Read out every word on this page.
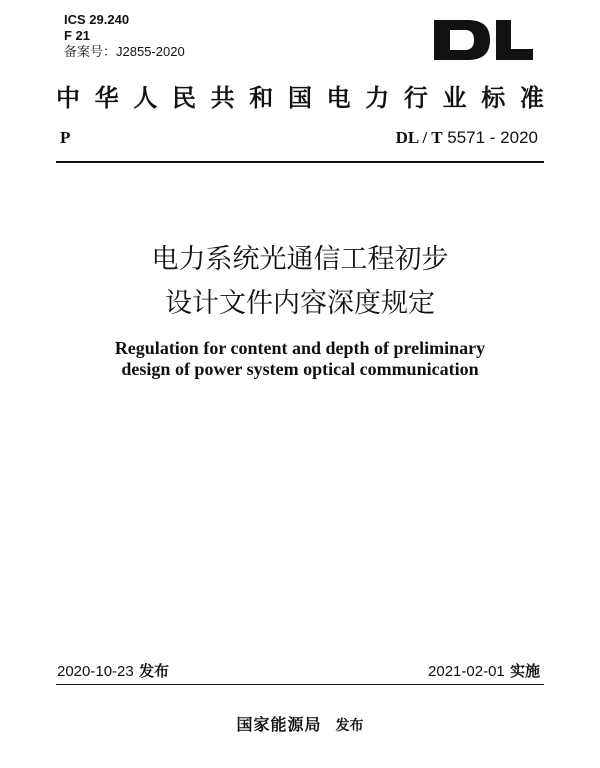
ICS 29.240
F 21
备案号：J2855-2020
中 华 人 民 共 和 国 电 力 行 业 标 准
P	DL / T 5571 - 2020
电力系统光通信工程初步
设计文件内容深度规定
Regulation for content and depth of preliminary
design of power system optical communication
2020-10-23 发布	2021-02-01 实施
国家能源局 发布
